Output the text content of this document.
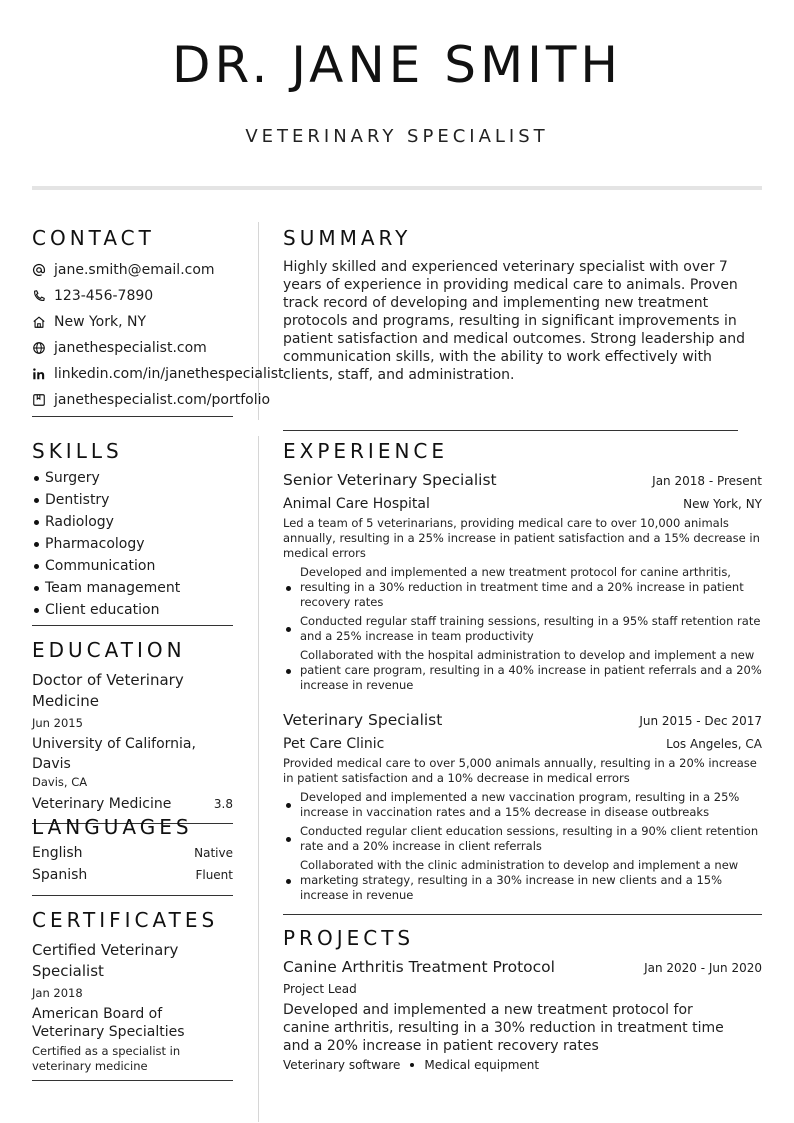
DR. JANE SMITH
VETERINARY SPECIALIST
CONTACT
jane.smith@email.com
123-456-7890
New York, NY
janethespecialist.com
linkedin.com/in/janethespecialist
janethespecialist.com/portfolio
SKILLS
Surgery
Dentistry
Radiology
Pharmacology
Communication
Team management
Client education
EDUCATION
Doctor of Veterinary Medicine
Jun 2015
University of California, Davis
Davis, CA
Veterinary Medicine	3.8
LANGUAGES
English	Native
Spanish	Fluent
CERTIFICATES
Certified Veterinary Specialist
Jan 2018
American Board of Veterinary Specialties
Certified as a specialist in veterinary medicine
SUMMARY
Highly skilled and experienced veterinary specialist with over 7 years of experience in providing medical care to animals. Proven track record of developing and implementing new treatment protocols and programs, resulting in significant improvements in patient satisfaction and medical outcomes. Strong leadership and communication skills, with the ability to work effectively with clients, staff, and administration.
EXPERIENCE
Senior Veterinary Specialist	Jan 2018 - Present
Animal Care Hospital	New York, NY
Led a team of 5 veterinarians, providing medical care to over 10,000 animals annually, resulting in a 25% increase in patient satisfaction and a 15% decrease in medical errors
Developed and implemented a new treatment protocol for canine arthritis, resulting in a 30% reduction in treatment time and a 20% increase in patient recovery rates
Conducted regular staff training sessions, resulting in a 95% staff retention rate and a 25% increase in team productivity
Collaborated with the hospital administration to develop and implement a new patient care program, resulting in a 40% increase in patient referrals and a 20% increase in revenue
Veterinary Specialist	Jun 2015 - Dec 2017
Pet Care Clinic	Los Angeles, CA
Provided medical care to over 5,000 animals annually, resulting in a 20% increase in patient satisfaction and a 10% decrease in medical errors
Developed and implemented a new vaccination program, resulting in a 25% increase in vaccination rates and a 15% decrease in disease outbreaks
Conducted regular client education sessions, resulting in a 90% client retention rate and a 20% increase in client referrals
Collaborated with the clinic administration to develop and implement a new marketing strategy, resulting in a 30% increase in new clients and a 15% increase in revenue
PROJECTS
Canine Arthritis Treatment Protocol	Jan 2020 - Jun 2020
Project Lead
Developed and implemented a new treatment protocol for canine arthritis, resulting in a 30% reduction in treatment time and a 20% increase in patient recovery rates
Veterinary software Medical equipment
